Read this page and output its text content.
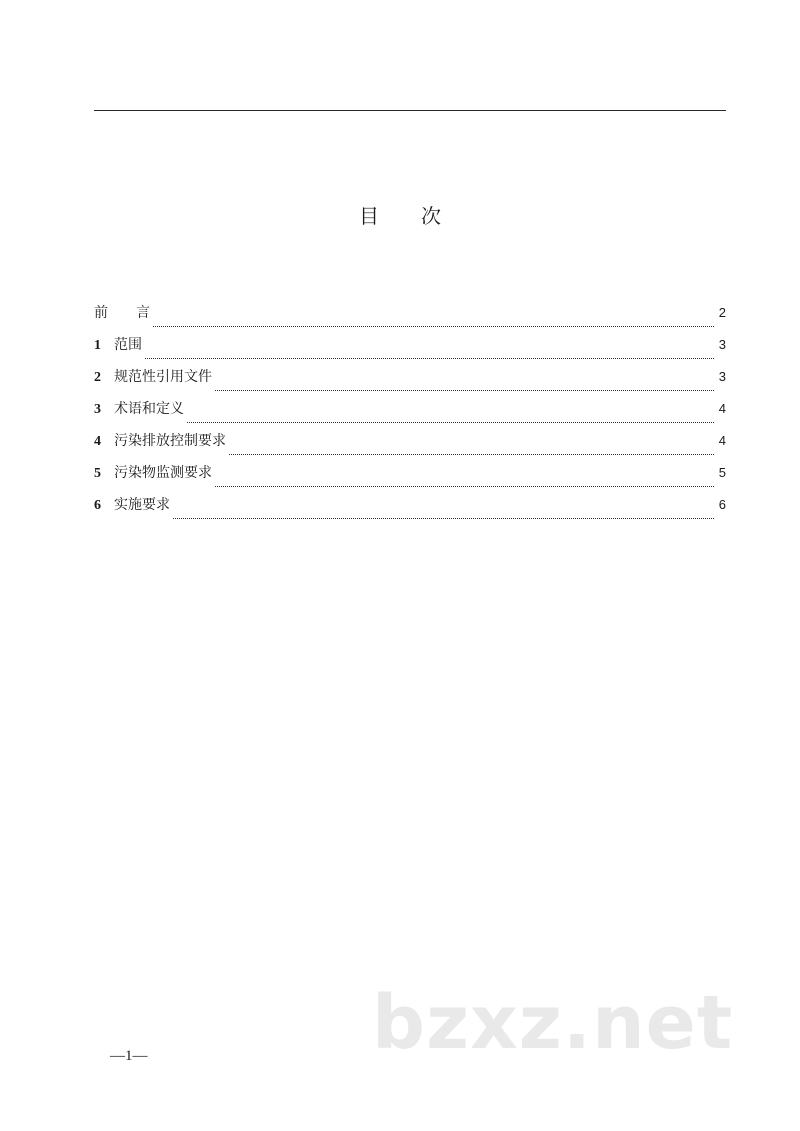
目 次
前　　言	2
1 范围	3
2 规范性引用文件	3
3 术语和定义	4
4 污染排放控制要求	4
5 污染物监测要求	5
6 实施要求	6
bzxz.net
—1—
